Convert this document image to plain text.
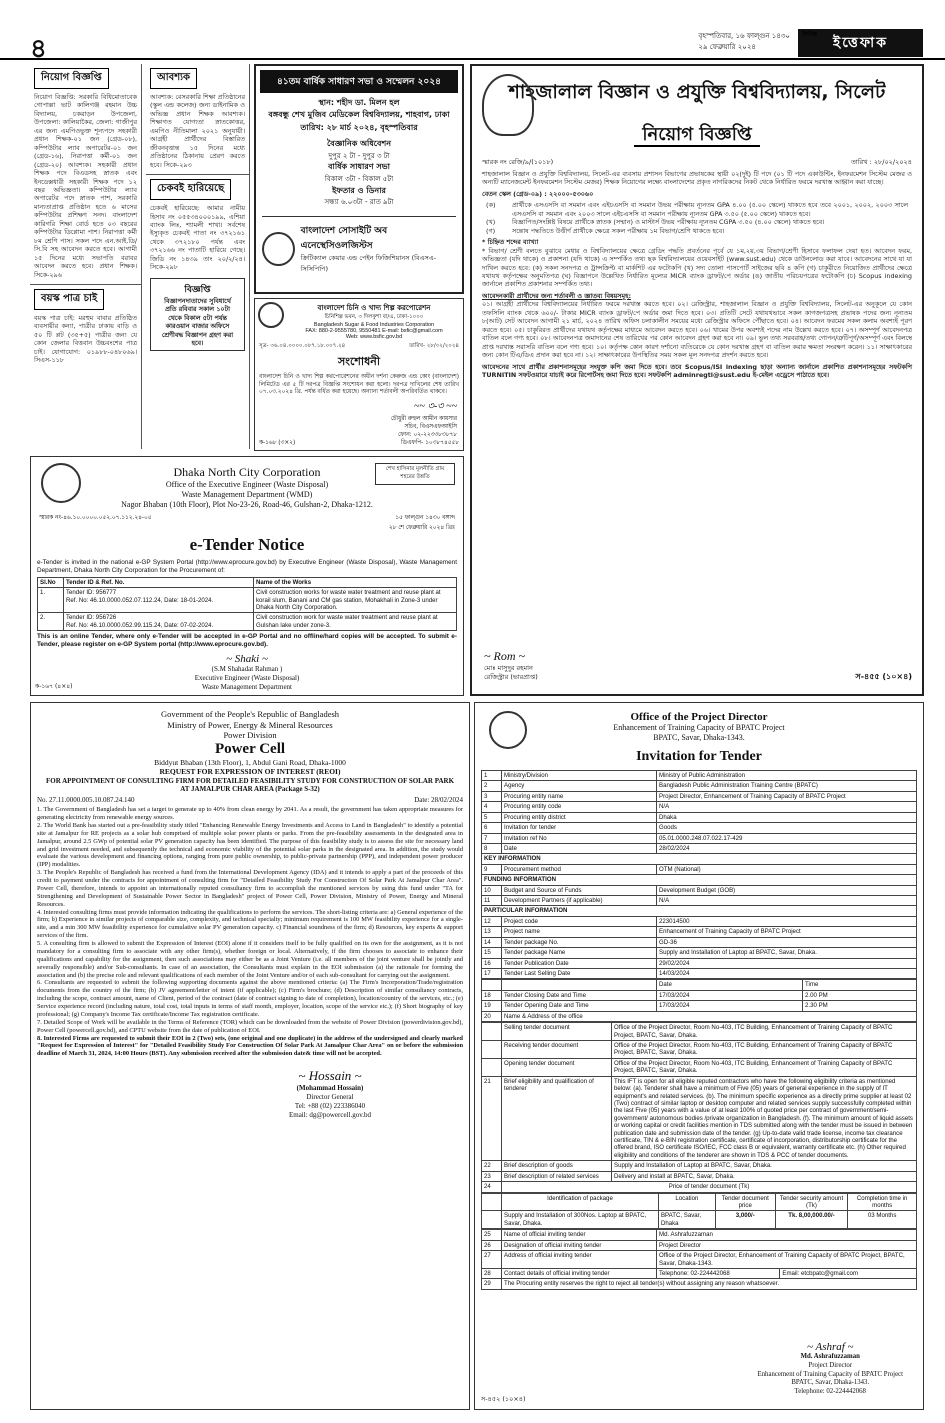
৪	বৃহস্পতিবার, ১৬ ফাল্গুন ১৪৩০
২৯ ফেব্রুয়ারি ২০২৪
দৈনিক
ইত্তেফাক
নিয়োগ বিজ্ঞপ্তি
নিয়োগ বিজ্ঞপ্তি: সরকারি বিধিমোতাবেক গোপাল্লা ভাট কালিগঞ্জ রহমান উচ্চ বিদ্যালয়, চকরাড়ন উপজেলা, উপজেলা: কালিয়াকৈর, জেলা: গাজীপুর এর জন্য এমপিওভুক্ত শূন্যপদে সহকারী প্রধান শিক্ষক-০১ জন (গ্রেড-০৮), কম্পিউটার ল্যাব অপারেটর-০১ জন (গ্রেড-১৬), নিরাপত্তা কর্মী-০১ জন (গ্রেড-২০) আবশ্যক। সহকারী প্রধান শিক্ষক পদে বিএডসহ স্নাতক এবং ইনডেক্সধারী সহকারী শিক্ষক পদে ১২ বছর অভিজ্ঞতা। কম্পিউটার ল্যাব অপারেটর পদে স্নাতক পাশ, সরকারি মান্যতাপ্রাপ্ত প্রতিষ্ঠান হতে ৬ মাসের কম্পিউটার প্রশিক্ষণ সনদ। বাংলাদেশ কারিগরি শিক্ষা বোর্ড হতে ০৩ বছরের কম্পিউটার ডিপ্লোমা পাশ। নিরাপত্তা কর্মী ৮ম শ্রেণি পাস। সকল পদে এন.আই.ডি/সি.বি সহ আবেদন করতে হবে। আগামী ১৫ দিনের মধ্যে সভাপতি বরাবর আবেদন করতে হবে। প্রধান শিক্ষক। সিকে-২৯৬
বয়স্ক পাত্র চাই
বয়স্ক পাত্র চাই: মরহুম বাবার প্রতিষ্ঠিত ব্যবসায়ীর কন্যা, পাত্রীর ঢাকায় বাড়ি ও ৫০ টি প্লট (৩৫+৫) পাত্রীর জন্য যে কোন জেলার বিত্তবান উচ্চবংশের পাত্র চাই। যোগাযোগ: ০১৯৮৮-০৪৮০৬৯। সিএস-১১৮
আবশ্যক
আবশ্যক: বেসরকারি শিক্ষা প্রতিষ্ঠানের (স্কুল এন্ড কলেজ) জন্য ডাইনামিক ও অভিজ্ঞ প্রধান শিক্ষক আবশ্যক। শিক্ষাগত যোগ্যতা স্নাতকোত্তর, এমপিও নীতিমালা ২০২১ অনুযায়ী। আগ্রহী প্রার্থীদের বিস্তারিত জীবনবৃত্তান্ত ১৫ দিনের মধ্যে প্রতিষ্ঠানের ঠিকানায় প্রেরণ করতে হবে। সিকে-২৯৩
চেকবই হারিয়েছে
চেকবই হারিয়েছে: আমার নামীয় হিসাব নং ০৫৫৩৪০০০১৯৯, এশিয়া ব্যাংক লিঃ, শ্যামলী শাখা। সর্বশেষ ইস্যুকৃত চেকবই পাতা নং ৩৭২১৬১ থেকে ৩৭২১৮০ পর্যন্ত এবং ৩৭২১৬৬ নং পাতাটি হারিয়ে গেছে। জিডি নং ১৪৩৯ তাং ২০/২/২৪। সিকে-২৯৮
বিজ্ঞপ্তি
বিজ্ঞাপনদাতাদের সুবিধার্থে প্রতি রবিবার সকাল ১০টা থেকে বিকাল ৫টা পর্যন্ত কারওয়ান বাজার অফিসে শ্রেণীবদ্ধ বিজ্ঞাপন গ্রহণ করা হবে।
৪১তম বার্ষিক সাধারণ সভা ও সম্মেলন ২০২৪
স্থান: শহীদ ডা. মিলন হল
বঙ্গবন্ধু শেখ মুজিব মেডিকেল বিশ্ববিদ্যালয়, শাহবাগ, ঢাকা
তারিখ: ২৮ মার্চ ২০২৪, বৃহস্পতিবার
বৈজ্ঞানিক অধিবেশন
দুপুর ২ টা - দুপুর ৩ টা
বার্ষিক সাধারণ সভা
বিকাল ৩টা - বিকাল ৫টা
ইফতার ও ডিনার
সন্ধ্যা ৬.০৩টা - রাত ৯টা
বাংলাদেশ সোসাইটি অব এনেস্থেসিওলজিস্টস
ক্রিটিক্যাল কেয়ার এন্ড পেইন ফিজিশিয়ানস (বিএসএ-সিসিপিপি)
বাংলাদেশ চিনি ও খাদ্য শিল্প করপোরেশন
চিনিশিল্প ভবন, ৩ দিলকুশা বা/এ, ঢাকা-১০০০
Bangladesh Sugar & Food Industries Corporation
FAX: 880-2-9555780, 9550481 E-mail: bsfic@gmail.com
Web: www.bsfic.gov.bd
সূত্র- ৩৬.০৪.০০০০.০৮৭.১৮.০০৭.২৪	তারিখ- ২৮/০২/২০২৪
সংশোধনী
বাংলাদেশ চিনি ও খাদ্য শিল্প করপোরেশনের অধীন দর্শনা কেরুজ এন্ড কোং (বাংলাদেশ) লিমিটেড এর ৫ টি দরপত্র বিজ্ঞপ্তি সংশোধন করা হলো। দরপত্র দাখিলের শেষ তারিখ ০৭.০৩.২০২৪ খ্রি. পর্যন্ত বর্ধিত করা হয়েছে। অন্যান্য শর্তাবলী অপরিবর্তিত থাকবে।
~~ ৩-৩ ~~
চৌধুরী রুহুল আমীন কায়সার
সচিব, বিএসএফআইসি
ফোন: ০২-২২৩৩৮৩৮৭৮
ক-১৬৮ (৩×২)	ডিএফপি- ১০৩৮৭৪৫৫৮
শেখ হাসিনার মূলনীতি গ্রাম শহরের উন্নতি
Dhaka North City Corporation
Office of the Executive Engineer (Waste Disposal)
Waste Management Department (WMD)
Nagor Bhaban (10th Floor), Plot No-23-26, Road-46, Gulshan-2, Dhaka-1212.
স্মারক নং-৪৬.১০.০০০০.০৫২.০৭.১১২.২৪-০৫	১৫ ফাল্গুন ১৪৩০ বঙ্গাব্দ
২৮ শে ফেব্রুয়ারি ২০২৪ খ্রিঃ
e-Tender Notice
e-Tender is invited in the national e-GP System Portal (http://www.eprocure.gov.bd) by Executive Engineer (Waste Disposal), Waste Management Department, Dhaka North City Corporation for the Procurement of:
Sl.No	Tender ID & Ref. No.	Name of the Works
1.	Tender ID: 956777
Ref. No: 46.10.0000.052.07.112.24, Date: 18-01-2024.	Civil construction works for waste water treatment and reuse plant at korail slum, Banani and CM gas station, Mohakhali in Zone-3 under Dhaka North City Corporation.
2.	Tender ID: 956726
Ref. No: 46.10.0000.052.99.115.24, Date: 07-02-2024.	Civil construction work for waste water treatment and reuse plant at Gulshan lake under zone-3.
This is an online Tender, where only e-Tender will be accepted in e-GP Portal and no offline/hard copies will be accepted. To submit e-Tender, please register on e-GP System portal (http://www.eprocure.gov.bd).
~ Shaki ~
(S.M Shahadat Rahman )
Executive Engineer (Waste Disposal)
Waste Management Department
ক-১৬৭ (৪×৪)
শাহজালাল বিজ্ঞান ও প্রযুক্তি বিশ্ববিদ্যালয়, সিলেট
নিয়োগ বিজ্ঞপ্তি
স্মারক নং রেজি/৯/(১০১৮)	তারিখ : ২৮/০২/২০২৪
শাহজালাল বিজ্ঞান ও প্রযুক্তি বিশ্ববিদ্যালয়, সিলেট-এর ব্যবসায় প্রশাসন বিভাগের প্রভাষকের স্থায়ী ০২(দুই) টি পদে (০১ টি পদে একাউন্টিং, ইনফরমেশন সিস্টেম মেজর ও অন্যটি ম্যানেজমেন্ট ইনফরমেশন সিস্টেম মেজর) শিক্ষক নিয়োগের লক্ষ্যে বাংলাদেশের প্রকৃত নাগরিকদের নিকট থেকে নির্ধারিত ফরমে দরখাস্ত আহ্বান করা যাচ্ছে।
বেতন স্কেল (গ্রেড-০৯) : ২২০০০-৫৩০৬০
(ক)	প্রার্থীকে এসএসসি বা সমমান এবং এইচএসসি বা সমমান উভয় পরীক্ষায় ন্যূনতম GPA ৪.০০ (৫.০০ স্কেলে) থাকতে হবে তবে ২০০১, ২০০২, ২০০৩ সালে এসএসসি বা সমমান এবং ২০০৩ সালে এইচএসসি বা সমমান পরীক্ষায় ন্যূনতম GPA ৩.৫০ (৫.০০ স্কেলে) থাকতে হবে।
(খ)	বিজ্ঞাপিত/সংশ্লিষ্ট বিষয়ে প্রার্থীকে স্নাতক (সম্মান) ও মাস্টার্স উভয় পরীক্ষায় ন্যূনতম CGPA ৩.৫০ (৪.০০ স্কেলে) থাকতে হবে।
(গ)	সন্তোষ পদ্ধতিতে উত্তীর্ণ প্রার্থীকে ক্ষেত্রে সকল পরীক্ষায় ১ম বিভাগ/শ্রেণি থাকতে হবে।
* চিহ্নিত শব্দের ব্যাখ্যা
* বিভাগ/ শ্রেণী বলতে বুঝাবে মেধার ও বিশ্ববিদ্যালয়ের ক্ষেত্রে গ্রেডিং পদ্ধতি প্রবর্তনের পূর্বে যে ১ম,২য়,৩য় বিভাগ/শ্রেণী হিসাবে ফলাফল দেয়া হত। আবেদন ফরম, অভিজ্ঞতা (যদি থাকে) ও প্রকাশনা (যদি থাকে) এ সম্পর্কিত তথ্য ছক বিশ্ববিদ্যালয়ের ওয়েবসাইট (www.sust.edu) থেকে ডাউনলোড করা যাবে। আবেদনের সাথে যা যা দাখিল করতে হবে: (ক) সকল সনদপত্র ও ট্রান্সক্রিপ্ট বা মার্কশিট এর ফটোকপি (খ) সদ্য তোলা পাসপোর্ট সাইজের ছবি ৪ কপি (গ) চাকুরীতে নিয়োজিত প্রার্থীদের ক্ষেত্রে যথাযথ কর্তৃপক্ষের অনুমতিপত্র (ঘ) বিজ্ঞাপনে উল্লেখিত নির্ধারিত মূল্যের MICR ব্যাংক ড্রাফট/পে অর্ডার (ঙ) জাতীয় পরিচয়পত্রের ফটোকপি (চ) Scopus indexing জার্নালে প্রকাশিত প্রকাশনার সম্পর্কিত তথ্য।
আবেদনকারী প্রার্থীদের জন্য শর্তাবলী ও জ্ঞাতব্য বিষয়সমূহ:
০১। আগ্রহী প্রার্থীদের বিশ্ববিদ্যালয়ের নির্ধারিত ফরমে দরখাস্ত করতে হবে। ০২। রেজিস্ট্রার, শাহজালাল বিজ্ঞান ও প্রযুক্তি বিশ্ববিদ্যালয়, সিলেট-এর অনুকূলে যে কোন তফসিলি ব্যাংক থেকে ৬০০/- টাকার MICR ব্যাংক ড্রাফট/পে অর্ডার জমা দিতে হবে। ০৩। প্রতিটি সেটে যথাযথভাবে সকল কাগজপত্রসহ প্রভাষক পদের জন্য নূন্যতম ৮(আট) সেট আবেদন আগামী ২১ মার্চ, ২০২৪ তারিখ অফিস চলাকালীন সময়ের মধ্যে রেজিস্ট্রার অফিসে পৌঁছাতে হবে। ০৪। আবেদন ফরমের সকল কলাম অবশ্যই পূরণ করতে হবে। ০৫। চাকুরিরত প্রার্থীদের যথাযথ কর্তৃপক্ষের মাধ্যমে আবেদন করতে হবে। ০৬। খামের উপর অবশ্যই পদের নাম উল্লেখ করতে হবে। ০৭। অসম্পূর্ণ আবেদনপত্র বাতিল বলে গণ্য হবে। ০৮। আবেদনপত্র জমাদানের শেষ তারিখের পর কোন আবেদন গ্রহণ করা হবে না। ০৯। ভুল তথ্য সরবরাহ/তথ্য গোপন/ত্রুটিপূর্ণ/অসম্পূর্ণ এবং বিলম্বে প্রাপ্ত দরখাস্ত সরাসরি বাতিল বলে গণ্য হবে। ১০। কর্তৃপক্ষ কোন কারণ দর্শানো ব্যতিরেকে যে কোন দরখাস্ত গ্রহণ বা বাতিল করার ক্ষমতা সংরক্ষণ করেন। ১১। সাক্ষাৎকারের জন্য কোন টিএ/ডিএ প্রদান করা হবে না। ১২। সাক্ষাৎকারের উপস্থিতির সময় সকল মূল সনদপত্র প্রদর্শন করতে হবে।
আবেদনের সাথে প্রার্থীর প্রকাশনাসমূহের সংযুক্ত কপি জমা দিতে হবে। তবে Scopus/ISI indexing ছাড়া অন্যান্য জার্নালে প্রকাশিত প্রকাশনাসমূহের সফটকপি TURNITIN সফটওয়ারে যাচাই করে রিপোর্টসহ জমা দিতে হবে। সফটকপি adminregtl@sust.edu ই-মেইল এড্রেসে পাঠাতে হবে।
~ Rom ~
মোঃ মাসুদুর রহমান
রেজিস্ট্রার (ভারপ্রাপ্ত)	স-৪৫৫ (১০×৪)
Government of the People's Republic of Bangladesh
Ministry of Power, Energy & Mineral Resources
Power Division
Power Cell
Biddyut Bhaban (13th Floor), 1, Abdul Gani Road, Dhaka-1000
REQUEST FOR EXPRESSION OF INTEREST (REOI)
FOR APPOINTMENT OF CONSULTING FIRM FOR DETAILED FEASIBILITY STUDY FOR CONSTRUCTION OF SOLAR PARK AT JAMALPUR CHAR AREA (Package S-32)
No. 27.11.0000.005.10.087.24.140	Date: 28/02/2024
1. The Government of Bangladesh has set a target to generate up to 40% from clean energy by 2041. As a result, the government has taken appropriate measures for generating electricity from renewable energy sources.
2. The World Bank has started out a pre-feasibility study titled "Enhancing Renewable Energy Investments and Access to Land in Bangladesh" to identify a potential site at Jamalpur for RE projects as a solar hub comprised of multiple solar power plants or parks. From the pre-feasibility assessments in the designated area in Jamalpur, around 2.5 GWp of potential solar PV generation capacity has been identified. The purpose of this feasibility study is to assess the site for necessary land and grid investment needed, and subsequently the technical and economic viability of the potential solar parks in the designated area. In addition, the study would evaluate the various development and financing options, ranging from pure public ownership, to public-private partnership (PPP), and independent power producer (IPP) modalities.
3. The People's Republic of Bangladesh has received a fund from the International Development Agency (IDA) and it intends to apply a part of the proceeds of this credit to payment under the contracts for appointment of consulting firm for "Detailed Feasibility Study For Construction Of Solar Park At Jamalpur Char Area". Power Cell, therefore, intends to appoint an internationally reputed consultancy firm to accomplish the mentioned services by using this fund under "TA for Strengthening and Development of Sustainable Power Sector in Bangladesh" project of Power Cell, Power Division, Ministry of Power, Energy and Mineral Resources.
4. Interested consulting firms must provide information indicating the qualifications to perform the services. The short-listing criteria are: a) General experience of the firm; b) Experience in similar projects of comparable size, complexity, and technical specialty; minimum requirement is 100 MW feasibility experience for a single-site, and a min 300 MW feasibility experience for cumulative solar PV generation capacity. c) Financial soundness of the firm; d) Resources, key experts & support services of the firm.
5. A consulting firm is allowed to submit the Expression of Interest (EOI) alone if it considers itself to be fully qualified on its own for the assignment, as it is not mandatory for a consulting firm to associate with any other firm(s), whether foreign or local. Alternatively, if the firm chooses to associate to enhance their qualifications and capability for the assignment, then such associations may either be as a Joint Venture (i.e. all members of the joint venture shall be jointly and severally responsible) and/or Sub-consultants. In case of an association, the Consultants must explain in the EOI submission (a) the rationale for forming the association and (b) the precise role and relevant qualifications of each member of the Joint Venture and/or of each sub-consultant for carrying out the assignment.
6. Consultants are requested to submit the following supporting documents against the above mentioned criteria: (a) The Firm's Incorporation/Trade/registration documents from the country of the firm; (b) JV agreement/letter of intent (if applicable); (c) Firm's brochure; (d) Description of similar consultancy contracts, including the scope, contract amount, name of Client, period of the contract (date of contract signing to date of completion), location/country of the services, etc.; (e) Service experience record (including nature, total cost, total inputs in terms of staff month, employer, location, scope of the service etc.); (f) Short biography of key professional; (g) Company's Income Tax certificate/Income Tax registration certificate.
7. Detailed Scope of Work will be available in the Terms of Reference (TOR) which can be downloaded from the website of Power Division (powerdivision.gov.bd), Power Cell (powercell.gov.bd), and CPTU website from the date of publication of EOI.
8. Interested Firms are requested to submit their EOI in 2 (Two) sets, (one original and one duplicate) in the address of the undersigned and clearly marked "Request for Expression of Interest" for "Detailed Feasibility Study For Construction Of Solar Park At Jamalpur Char Area" on or before the submission deadline of March 31, 2024, 14:00 Hours (BST). Any submission received after the submission date& time will not be accepted.
~ Hossain ~
(Mohammad Hossain)
Director General
Tel: +88 (02) 223386040
Email: dg@powercell.gov.bd
Office of the Project Director
Enhancement of Training Capacity of BPATC Project
BPATC, Savar, Dhaka-1343.
Invitation for Tender
1	Ministry/Division	Ministry of Public Administration
2	Agency	Bangladesh Public Administration Training Centre (BPATC)
3	Procuring entity name	Project Director, Enhancement of Training Capacity of BPATC Project
4	Procuring entity code	N/A
5	Procuring entity district	Dhaka
6	Invitation for tender	Goods
7	Invitation ref No	05.01.0000.248.07.022.17-429
8	Date	28/02/2024
KEY INFORMATION		
9	Procurement method	OTM (National)
FUNDING INFORMATION		
10	Budget and Source of Funds	Development Budget (GOB)
11	Development Partners (if applicable)	N/A
PARTICULAR INFORMATION		
12	Project code	223014500
13	Project name	Enhancement of Training Capacity of BPATC Project
14	Tender package No.	GD-36
15	Tender package Name	Supply and Installation of Laptop at BPATC, Savar, Dhaka.
16	Tender Publication Date	29/02/2024
17	Tender Last Selling Date	14/03/2024
		Date	Time
18	Tender Closing Date and Time	17/03/2024	2.00 PM
19	Tender Opening Date and Time	17/03/2024	2.30 PM
20	Name & Address of the office		
	Selling tender document	Office of the Project Director, Room No-403, ITC Building, Enhancement of Training Capacity of BPATC Project, BPATC, Savar, Dhaka.
	Receiving tender document	Office of the Project Director, Room No-403, ITC Building, Enhancement of Training Capacity of BPATC Project, BPATC, Savar, Dhaka.
	Opening tender document	Office of the Project Director, Room No-403, ITC Building, Enhancement of Training Capacity of BPATC Project, BPATC, Savar, Dhaka.
21	Brief eligibility and qualification of tenderer	This IFT is open for all eligible reputed contractors who have the following eligibility criteria as mentioned below: (a). Tenderer shall have a minimum of Five (05) years of general experience in the supply of IT equipment's and related services. (b). The minimum specific experience as a directly prime supplier at least 02 (Two) contract of similar laptop or desktop computer and related services supply successfully completed within the last Five (05) years with a value of at least 100% of quoted price per contract of government/semi-government/ autonomous bodies /private organization in Bangladesh. (f). The minimum amount of liquid assets or working capital or credit facilities mention in TDS submitted along with the tender must be issued in between publication date and submission date of the tender. (g) Up-to-date valid trade license, income tax clearance certificate, TIN & e-BIN registration certificate, certificate of incorporation, distributorship certificate for the offered brand, ISO certificate ISO/IEC, FCC class B or equivalent, warranty certificate etc. (h) Other required eligibility and conditions of the tenderer are shown in TDS & PCC of tender documents.
22	Brief description of goods	Supply and Installation of Laptop at BPATC, Savar, Dhaka.
23	Brief description of related services	Delivery and install at BPATC, Savar, Dhaka.
24	Price of tender document (Tk)	
	Identification of package	Location	Tender document price	Tender security amount (Tk)	Completion time in months
	Supply and Installation of 300Nos. Laptop at BPATC, Savar, Dhaka.	BPATC, Savar, Dhaka	3,000/-	Tk. 8,00,000.00/-	03 Months
25	Name of official inviting tender	Md. Ashrafuzzaman	
26	Designation of official inviting tender	Project Director	
27	Address of official inviting tender	Office of the Project Director, Enhancement of Training Capacity of BPATC Project, BPATC, Savar, Dhaka-1343.	
28	Contact details of official inviting tender	Telephone: 02-224442068	Email: etcbpatc@gmail.com
29	The Procuring entity reserves the right to reject all tender(s) without assigning any reason whatsoever.		
~ Ashraf ~
Md. Ashrafuzzaman
Project Director
Enhancement of Training Capacity of BPATC Project
BPATC, Savar, Dhaka-1343.
Telephone: 02-224442068
স-৪৫২ (১০×৪)
